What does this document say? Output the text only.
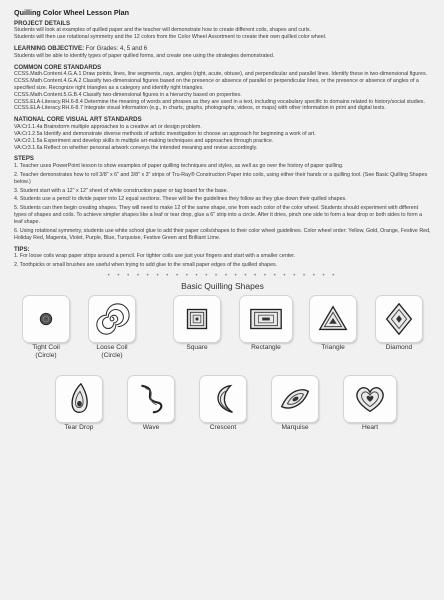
Quilling Color Wheel Lesson Plan
PROJECT DETAILS
Students will look at examples of quilled paper and the teacher will demonstrate how to create different coils, shapes and curls.
Students will then use rotational symmetry and the 12 colors from the Color Wheel Assortment to create their own quilled color wheel.
LEARNING OBJECTIVE: For Grades: 4, 5 and 6
Students will be able to identify types of paper quilled forms, and create one using the strategies demonstrated.
COMMON CORE STANDARDS
CCSS.Math.Content.4.G.A.1 Draw points, lines, line segments, rays, angles (right, acute, obtuse), and perpendicular and parallel lines. Identify these in two-dimensional figures.
CCSS.Math.Content.4.G.A.2 Classify two-dimensional figures based on the presence or absence of parallel or perpendicular lines, or the presence or absence of angles of a specified size. Recognize right triangles as a category and identify right triangles.
CCSS.Math.Content.5.G.B.4 Classify two-dimensional figures in a hierarchy based on properties.
CCSS.ELA-Literacy.RH.6-8.4 Determine the meaning of words and phrases as they are used in a text, including vocabulary specific to domains related to history/social studies.
CCSS.ELA-Literacy.RH.6-8.7 Integrate visual information (e.g., in charts, graphs, photographs, videos, or maps) with other information in print and digital texts.
NATIONAL CORE VISUAL ART STANDARDS
VA:Cr1.1.4a Brainstorm multiple approaches to a creative art or design problem.
VA:Cr1.2.5a Identify and demonstrate diverse methods of artistic investigation to choose an approach for beginning a work of art.
VA:Cr2.1.5a Experiment and develop skills in multiple art-making techniques and approaches through practice.
VA:Cr3.1.6a Reflect on whether personal artwork conveys the intended meaning and revise accordingly.
STEPS
1. Teacher uses PowerPoint lesson to show examples of paper quilling techniques and styles, as well as go over the history of paper quilling.
2. Teacher demonstrates how to roll 3/8" x 6" and 3/8" x 3" strips of Tru-Ray® Construction Paper into coils, using either their hands or a quilling tool. (See Basic Quilling Shapes below.)
3. Student start with a 12" x 12" sheet of white construction paper or tag board for the base.
4. Students use a pencil to divide paper into 12 equal sections. These will be the guidelines they follow as they glue down their quilled shapes.
5. Students can then begin creating shapes. They will need to make 12 of the same shape, one from each color of the color wheel. Students should experiment with different types of shapes and coils. To achieve simpler shapes like a leaf or tear drop, glue a 6" strip into a circle. After it dries, pinch one side to form a tear drop or both sides to form a leaf shape.
6. Using rotational symmetry, students use white school glue to add their paper coils/shapes to their color wheel guidelines. Color wheel order: Yellow, Gold, Orange, Festive Red, Holiday Red, Magenta, Violet, Purple, Blue, Turquoise, Festive Green and Brilliant Lime.
TIPS:
1. For loose coils wrap paper strips around a pencil. For tighter coils use just your fingers and start with a smaller center.
2. Toothpicks or small brushes are useful when trying to add glue to the small paper edges of the quilled shapes.
• • • • • • • • • • • • • • • • • • • • • • • •
Basic Quilling Shapes
Tight Coil
(Circle)
Loose Coil
(Circle)
Square	Rectangle	Triangle	Diamond
Tear Drop	Wave	Crescent	Marquise	Heart
